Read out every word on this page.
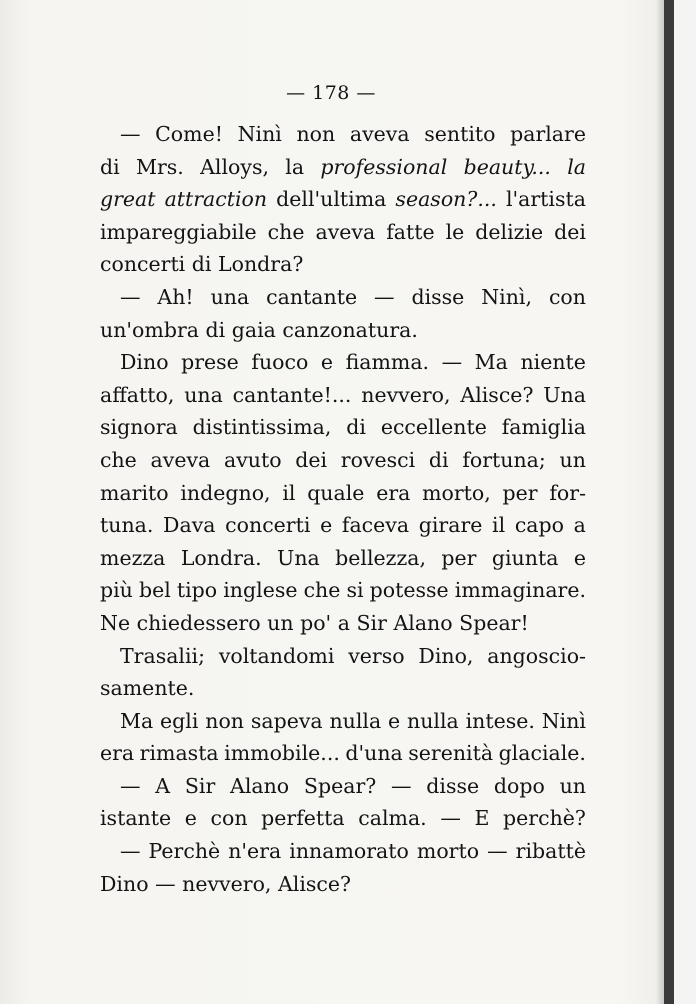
— 178 —
— Come! Ninì non aveva sentito parlare
di Mrs. Alloys, la professional beauty... la
great attraction dell'ultima season?... l'artista
impareggiabile che aveva fatte le delizie dei
concerti di Londra?
— Ah! una cantante — disse Ninì, con
un'ombra di gaia canzonatura.
Dino prese fuoco e fiamma. — Ma niente
affatto, una cantante!... nevvero, Alisce? Una
signora distintissima, di eccellente famiglia
che aveva avuto dei rovesci di fortuna; un
marito indegno, il quale era morto, per for-
tuna. Dava concerti e faceva girare il capo a
mezza Londra. Una bellezza, per giunta e
più bel tipo inglese che si potesse immaginare.
Ne chiedessero un po' a Sir Alano Spear!
Trasalii; voltandomi verso Dino, angoscio-
samente.
Ma egli non sapeva nulla e nulla intese. Ninì
era rimasta immobile... d'una serenità glaciale.
— A Sir Alano Spear? — disse dopo un
istante e con perfetta calma. — E perchè?
— Perchè n'era innamorato morto — ribattè
Dino — nevvero, Alisce?
